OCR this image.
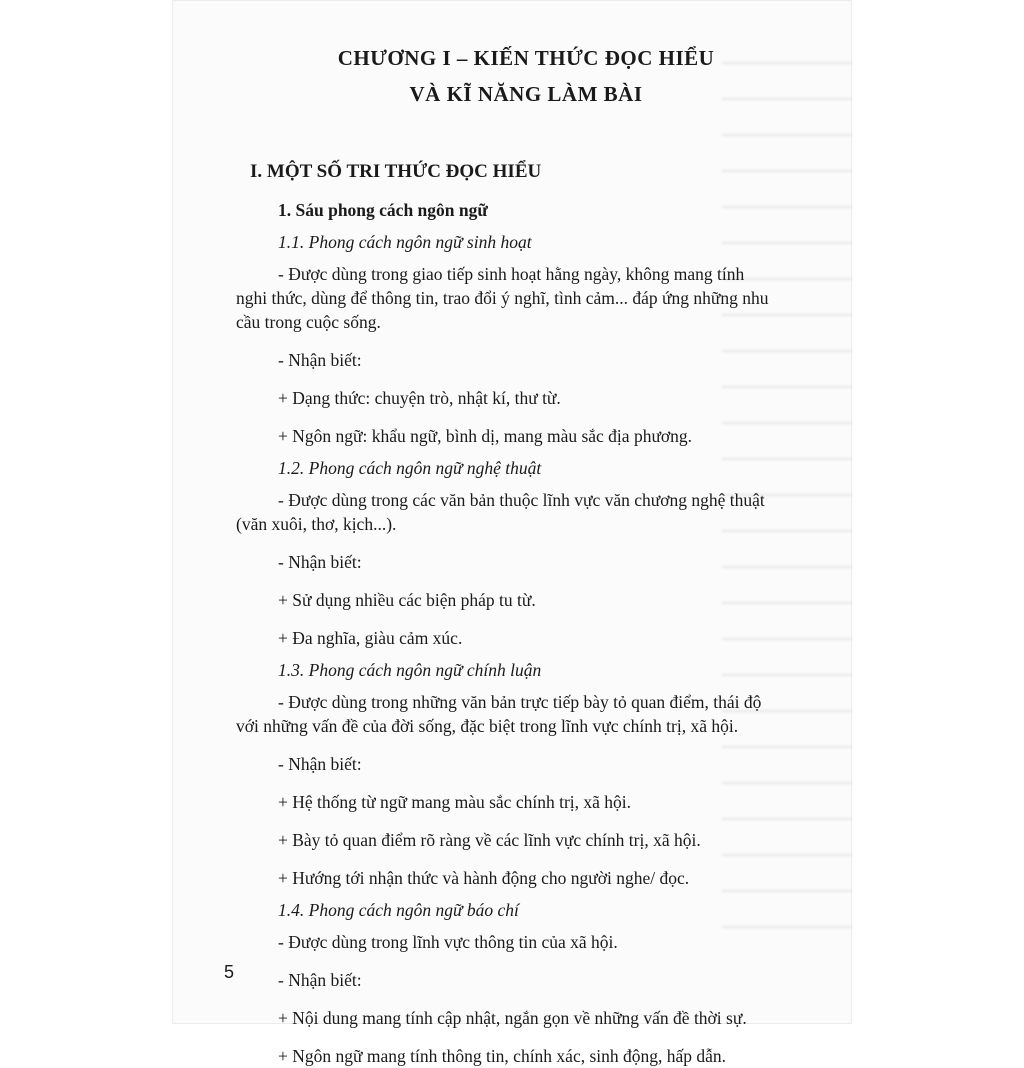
CHƯƠNG I – KIẾN THỨC ĐỌC HIỂU
VÀ KĨ NĂNG LÀM BÀI

I. MỘT SỐ TRI THỨC ĐỌC HIỂU

1. Sáu phong cách ngôn ngữ

1.1. Phong cách ngôn ngữ sinh hoạt

- Được dùng trong giao tiếp sinh hoạt hằng ngày, không mang tính nghi thức, dùng để thông tin, trao đổi ý nghĩ, tình cảm... đáp ứng những nhu cầu trong cuộc sống.

- Nhận biết:

+ Dạng thức: chuyện trò, nhật kí, thư từ.

+ Ngôn ngữ: khẩu ngữ, bình dị, mang màu sắc địa phương.

1.2. Phong cách ngôn ngữ nghệ thuật

- Được dùng trong các văn bản thuộc lĩnh vực văn chương nghệ thuật (văn xuôi, thơ, kịch...).

- Nhận biết:

+ Sử dụng nhiều các biện pháp tu từ.

+ Đa nghĩa, giàu cảm xúc.

1.3. Phong cách ngôn ngữ chính luận

- Được dùng trong những văn bản trực tiếp bày tỏ quan điểm, thái độ với những vấn đề của đời sống, đặc biệt trong lĩnh vực chính trị, xã hội.

- Nhận biết:

+ Hệ thống từ ngữ mang màu sắc chính trị, xã hội.

+ Bày tỏ quan điểm rõ ràng về các lĩnh vực chính trị, xã hội.

+ Hướng tới nhận thức và hành động cho người nghe/ đọc.

1.4. Phong cách ngôn ngữ báo chí

- Được dùng trong lĩnh vực thông tin của xã hội.

- Nhận biết:

+ Nội dung mang tính cập nhật, ngắn gọn về những vấn đề thời sự.

+ Ngôn ngữ mang tính thông tin, chính xác, sinh động, hấp dẫn.

5
